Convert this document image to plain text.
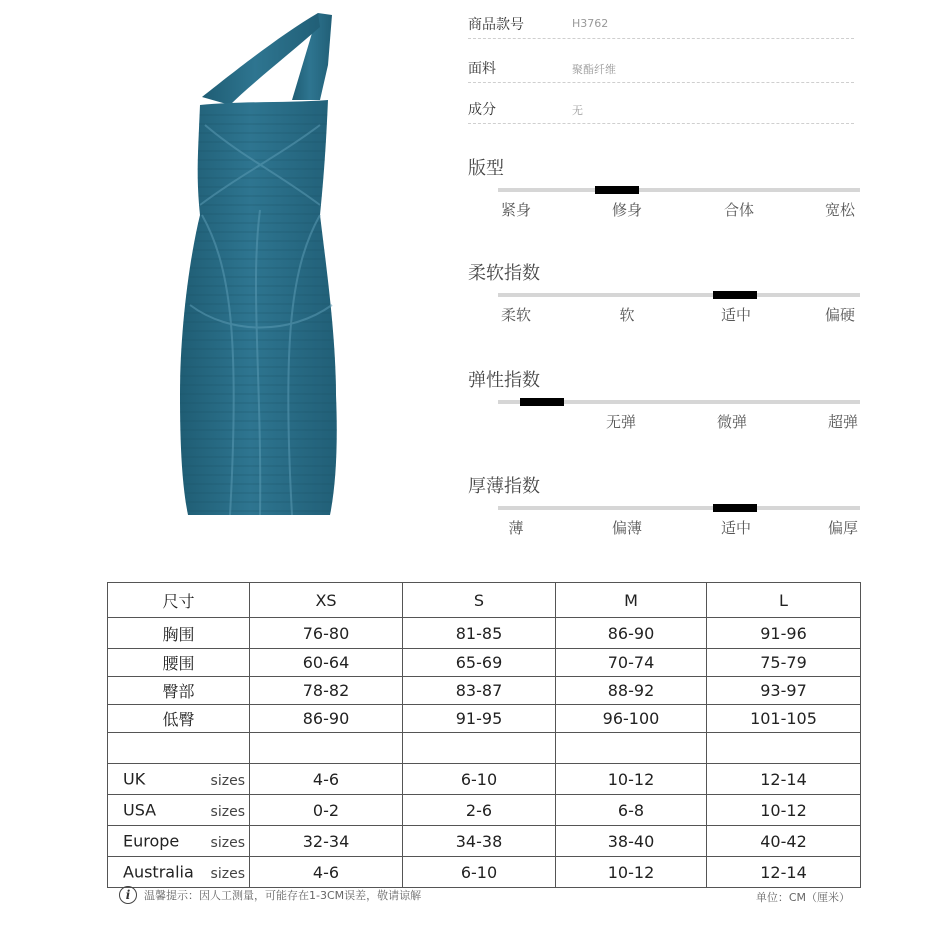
商品款号	H3762
面料	聚酯纤维
成分	无
版型
紧身	修身	合体	宽松
柔软指数
柔软	软	适中	偏硬
弹性指数
无弹	微弹	超弹
厚薄指数
薄	偏薄	适中	偏厚
尺寸	XS	S	M	L
胸围	76-80	81-85	86-90	91-96
腰围	60-64	65-69	70-74	75-79
臀部	78-82	83-87	88-92	93-97
低臀	86-90	91-95	96-100	101-105

UK sizes	4-6	6-10	10-12	12-14

USA sizes	0-2	2-6	6-8	10-12

Europe sizes	32-34	34-38	38-40	40-42

Australia sizes	4-6	6-10	10-12	12-14
i	温馨提示：因人工测量，可能存在1-3CM误差，敬请谅解	单位：CM（厘米）
